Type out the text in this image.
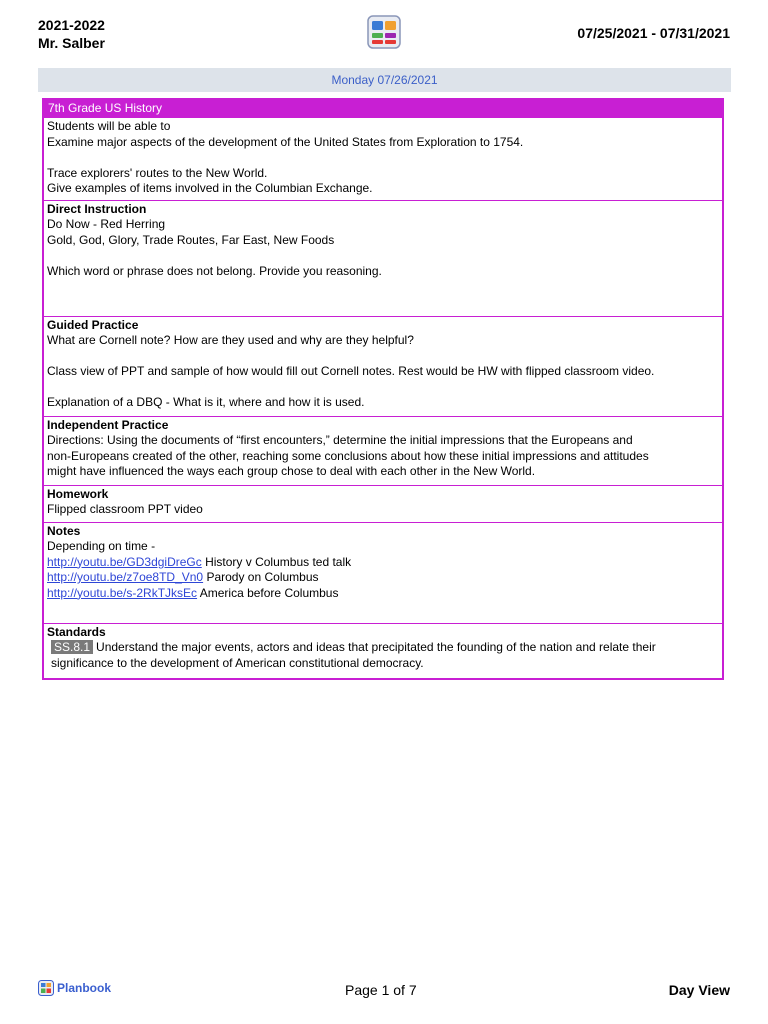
2021-2022
Mr. Salber
07/25/2021 - 07/31/2021
Monday 07/26/2021
7th Grade US History
Students will be able to
Examine major aspects of the development of the United States from Exploration to 1754.
Trace explorers' routes to the New World.
Give examples of items involved in the Columbian Exchange.
Direct Instruction
Do Now - Red Herring
Gold, God, Glory, Trade Routes, Far East, New Foods
Which word or phrase does not belong. Provide you reasoning.
Guided Practice
What are Cornell note? How are they used and why are they helpful?
Class view of PPT and sample of how would fill out Cornell notes. Rest would be HW with flipped classroom video.
Explanation of a DBQ - What is it, where and how it is used.
Independent Practice
Directions: Using the documents of “first encounters,” determine the initial impressions that the Europeans and
non-Europeans created of the other, reaching some conclusions about how these initial impressions and attitudes
might have influenced the ways each group chose to deal with each other in the New World.
Homework
Flipped classroom PPT video
Notes
Depending on time -
http://youtu.be/GD3dgiDreGc History v Columbus ted talk
http://youtu.be/z7oe8TD_Vn0 Parody on Columbus
http://youtu.be/s-2RkTJksEc America before Columbus
Standards
SS.8.1 Understand the major events, actors and ideas that precipitated the founding of the nation and relate their
significance to the development of American constitutional democracy.
Planbook	Page 1 of 7	Day View
